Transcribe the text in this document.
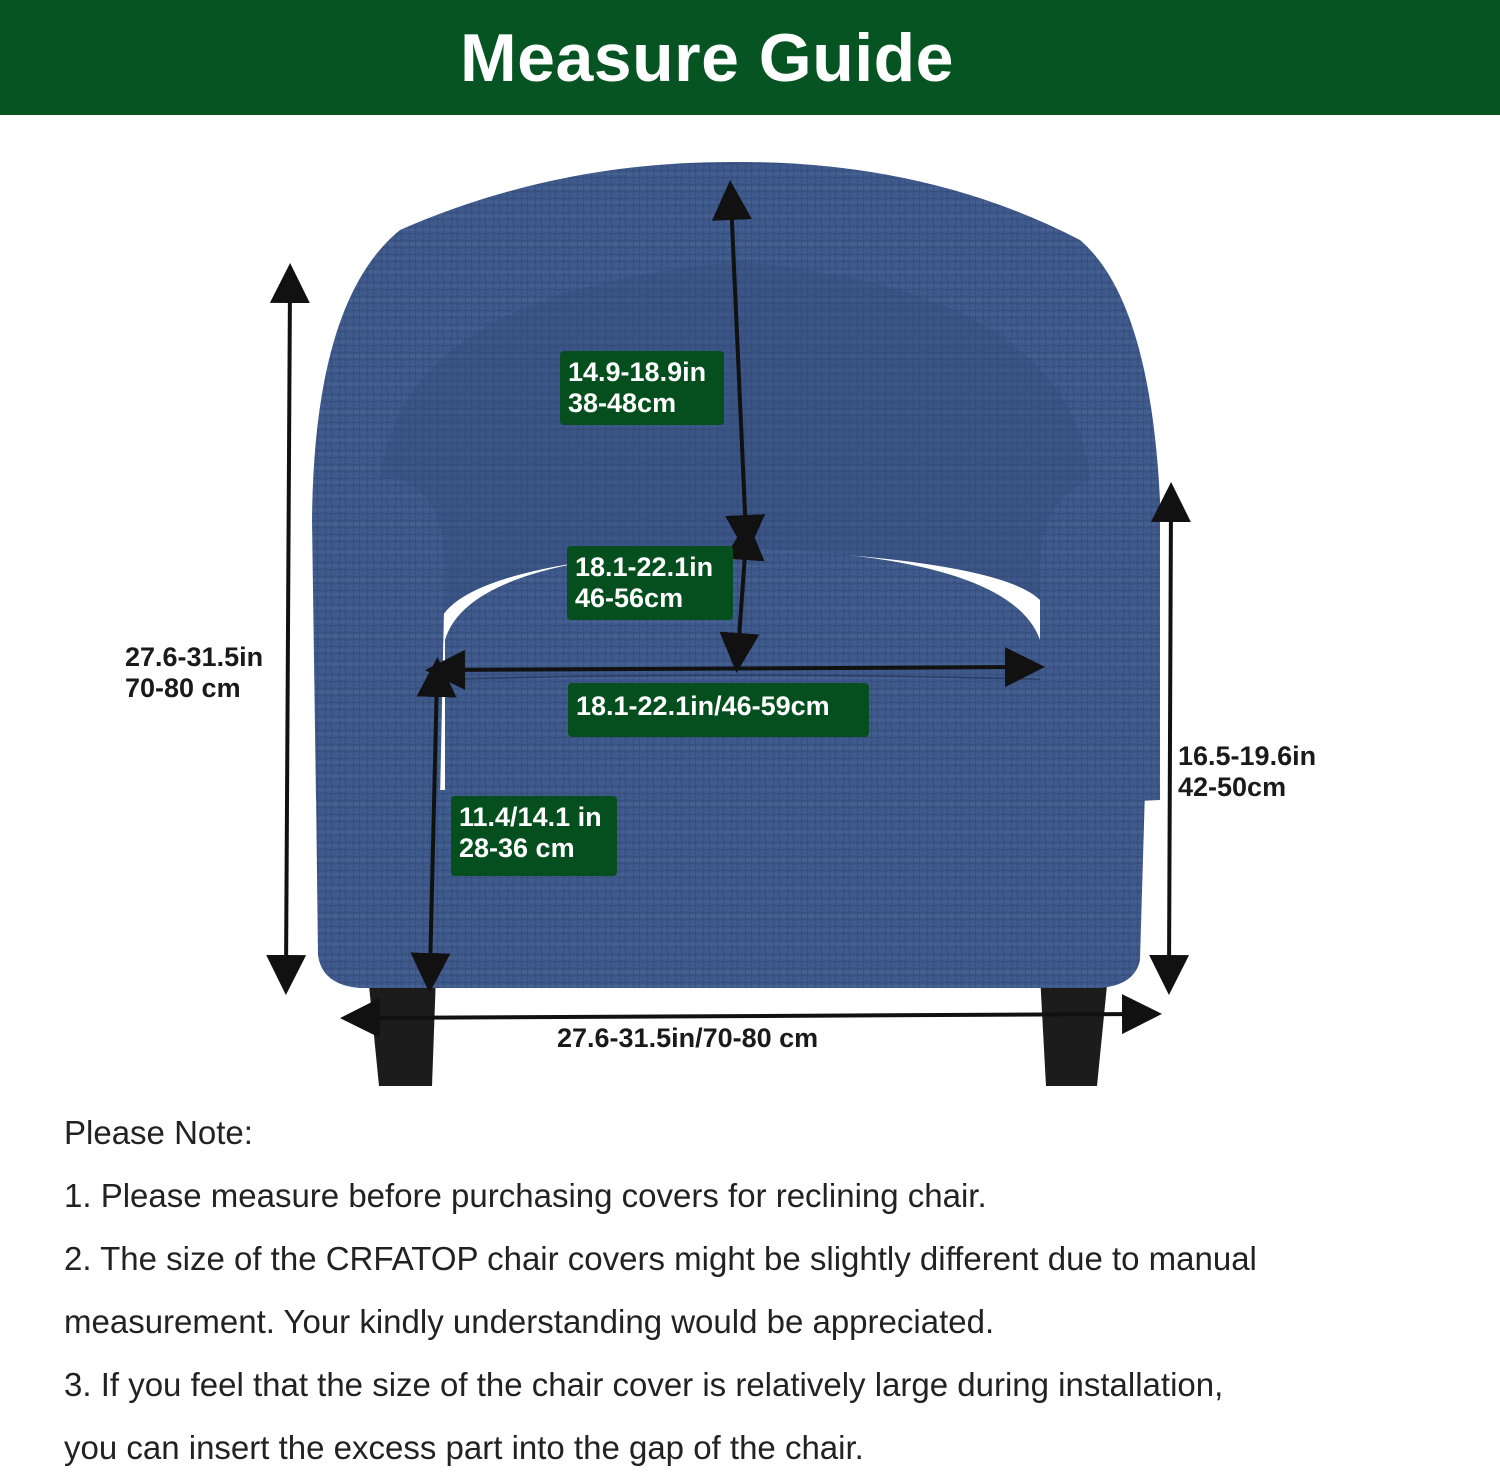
Measure Guide
14.9-18.9in
38-48cm
18.1-22.1in
46-56cm
18.1-22.1in/46-59cm
11.4/14.1 in
28-36 cm
27.6-31.5in
70-80 cm
16.5-19.6in
42-50cm
27.6-31.5in/70-80 cm

Please Note:

1. Please measure before purchasing covers for reclining chair.

2. The size of the CRFATOP chair covers might be slightly different due to manual

measurement. Your kindly understanding would be appreciated.

3. If you feel that the size of the chair cover is relatively large during installation,

you can insert the excess part into the gap of the chair.
